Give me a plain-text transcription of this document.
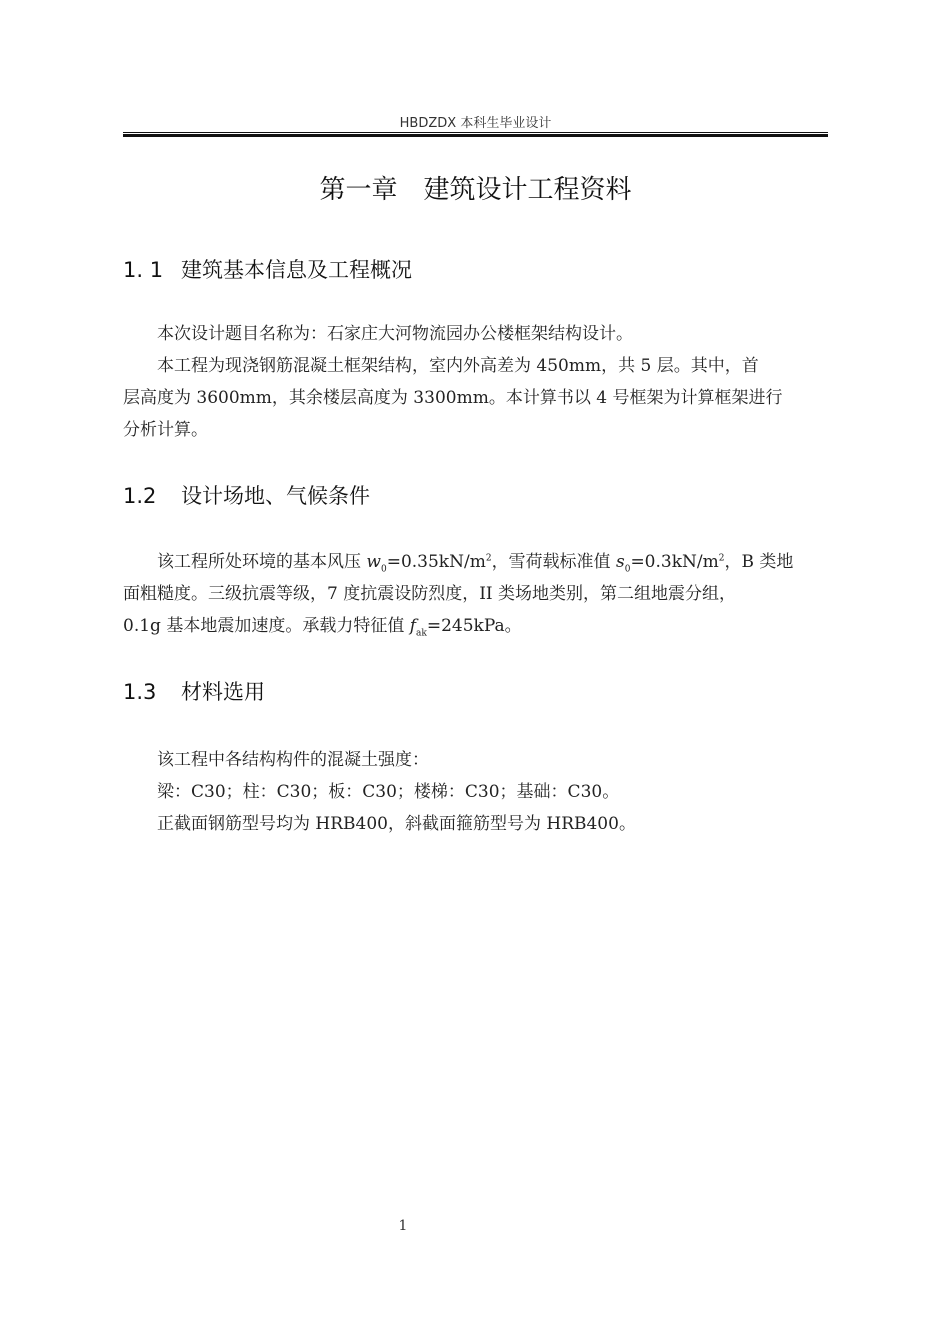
HBDZDX 本科生毕业设计
第一章　建筑设计工程资料
1. 1 建筑基本信息及工程概况

本次设计题目名称为：石家庄大河物流园办公楼框架结构设计。

本工程为现浇钢筋混凝土框架结构，室内外高差为 450mm，共 5 层。其中，首

层高度为 3600mm，其余楼层高度为 3300mm。本计算书以 4 号框架为计算框架进行
分析计算。

1.2 设计场地、气候条件

该工程所处环境的基本风压 $w_0=0.35kN/m^2$，雪荷载标准值 $s_0=0.3kN/m^2$，B 类地

面粗糙度。三级抗震等级，7 度抗震设防烈度，II 类场地类别，第二组地震分组，
0.1g 基本地震加速度。承载力特征值 $f_{ak}=245kPa$。

1.3 材料选用

该工程中各结构构件的混凝土强度：

梁：C30；柱：C30；板：C30；楼梯：C30；基础：C30。

正截面钢筋型号均为 HRB400，斜截面箍筋型号为 HRB400。

1
